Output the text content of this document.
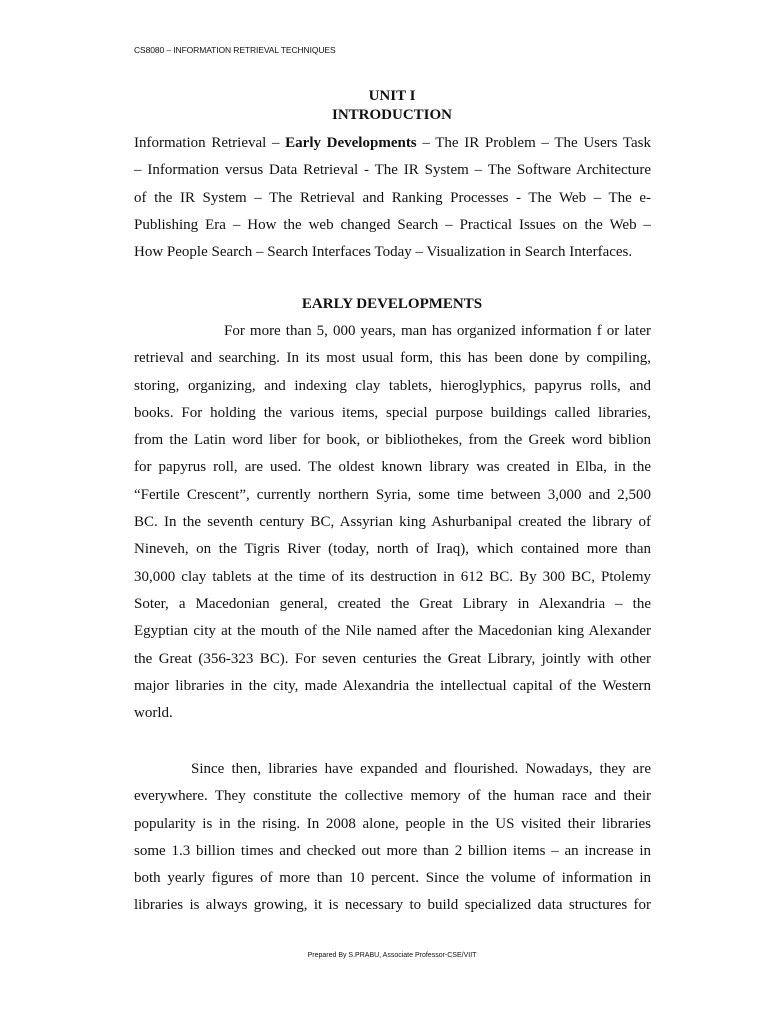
CS8080 – INFORMATION RETRIEVAL TECHNIQUES
UNIT I
INTRODUCTION
Information Retrieval – Early Developments – The IR Problem – The Users Task
– Information versus Data Retrieval - The IR System – The Software Architecture
of the IR System – The Retrieval and Ranking Processes - The Web – The e-
Publishing Era – How the web changed Search – Practical Issues on the Web –
How People Search – Search Interfaces Today – Visualization in Search Interfaces.
EARLY DEVELOPMENTS
For more than 5, 000 years, man has organized information f or later
retrieval and searching. In its most usual form, this has been done by compiling,
storing, organizing, and indexing clay tablets, hieroglyphics, papyrus rolls, and
books. For holding the various items, special purpose buildings called libraries,
from the Latin word liber for book, or bibliothekes, from the Greek word biblion
for papyrus roll, are used. The oldest known library was created in Elba, in the
“Fertile Crescent”, currently northern Syria, some time between 3,000 and 2,500
BC. In the seventh century BC, Assyrian king Ashurbanipal created the library of
Nineveh, on the Tigris River (today, north of Iraq), which contained more than
30,000 clay tablets at the time of its destruction in 612 BC. By 300 BC, Ptolemy
Soter, a Macedonian general, created the Great Library in Alexandria – the
Egyptian city at the mouth of the Nile named after the Macedonian king Alexander
the Great (356-323 BC). For seven centuries the Great Library, jointly with other
major libraries in the city, made Alexandria the intellectual capital of the Western
world.
Since then, libraries have expanded and flourished. Nowadays, they are
everywhere. They constitute the collective memory of the human race and their
popularity is in the rising. In 2008 alone, people in the US visited their libraries
some 1.3 billion times and checked out more than 2 billion items – an increase in
both yearly figures of more than 10 percent. Since the volume of information in
libraries is always growing, it is necessary to build specialized data structures for
Prepared By S.PRABU, Associate Professor-CSE/VIIT
